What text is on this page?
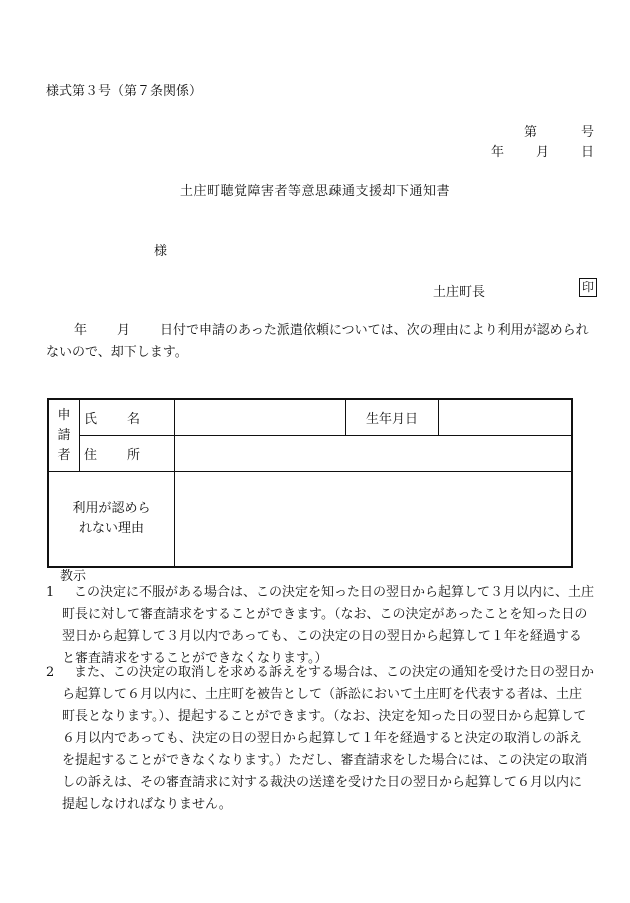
様式第３号（第７条関係）
第	号
年 月 日
土庄町聴覚障害者等意思疎通支援却下通知書
様
土庄町長	印
年 月 日付で申請のあった派遣依頼については、次の理由により利用が認められないので、却下します。
申
請
者	氏名		生年月日	
	住所			

利用が認めら
れない理由				

教示
1	この決定に不服がある場合は、この決定を知った日の翌日から起算して３月以内に、土庄町長に対して審査請求をすることができます。（なお、この決定があったことを知った日の翌日から起算して３月以内であっても、この決定の日の翌日から起算して１年を経過すると審査請求をすることができなくなります。）
2	また、この決定の取消しを求める訴えをする場合は、この決定の通知を受けた日の翌日から起算して６月以内に、土庄町を被告として（訴訟において土庄町を代表する者は、土庄町長となります。）、提起することができます。（なお、決定を知った日の翌日から起算して６月以内であっても、決定の日の翌日から起算して１年を経過すると決定の取消しの訴えを提起することができなくなります。）ただし、審査請求をした場合には、この決定の取消しの訴えは、その審査請求に対する裁決の送達を受けた日の翌日から起算して６月以内に提起しなければなりません。
